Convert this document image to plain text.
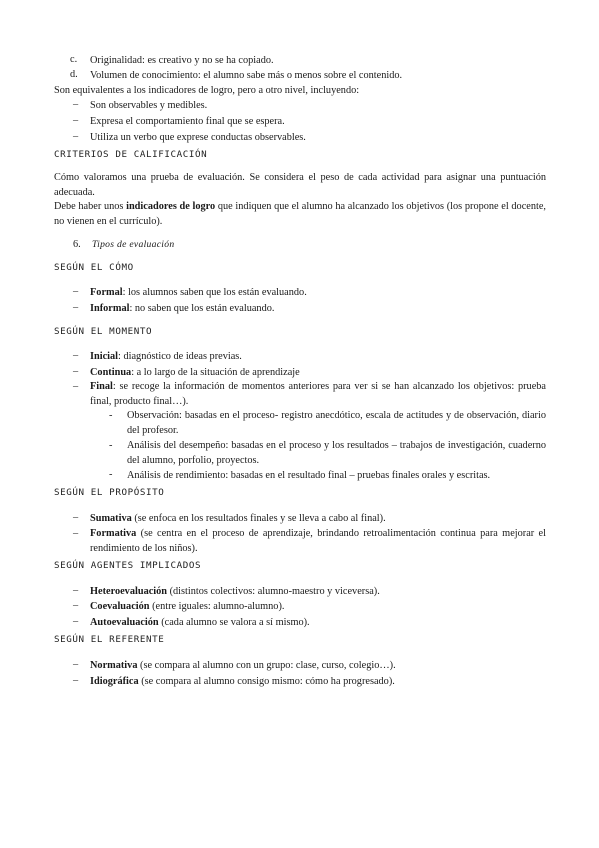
c.	Originalidad: es creativo y no se ha copiado.
d.	Volumen de conocimiento: el alumno sabe más o menos sobre el contenido.
Son equivalentes a los indicadores de logro, pero a otro nivel, incluyendo:
– Son observables y medibles.
– Expresa el comportamiento final que se espera.
– Utiliza un verbo que exprese conductas observables.
CRITERIOS DE CALIFICACIÓN
Cómo valoramos una prueba de evaluación. Se considera el peso de cada actividad para asignar una puntuación adecuada.
Debe haber unos indicadores de logro que indiquen que el alumno ha alcanzado los objetivos (los propone el docente, no vienen en el currículo).
6. Tipos de evaluación
SEGÚN EL CÓMO
– Formal: los alumnos saben que los están evaluando.
– Informal: no saben que los están evaluando.
SEGÚN EL MOMENTO
– Inicial: diagnóstico de ideas previas.
– Continua: a lo largo de la situación de aprendizaje
– Final: se recoge la información de momentos anteriores para ver si se han alcanzado los objetivos: prueba final, producto final…).
- Observación: basadas en el proceso- registro anecdótico, escala de actitudes y de observación, diario del profesor.
- Análisis del desempeño: basadas en el proceso y los resultados – trabajos de investigación, cuaderno del alumno, porfolio, proyectos.
- Análisis de rendimiento: basadas en el resultado final – pruebas finales orales y escritas.
SEGÚN EL PROPÓSITO
– Sumativa (se enfoca en los resultados finales y se lleva a cabo al final).
– Formativa (se centra en el proceso de aprendizaje, brindando retroalimentación continua para mejorar el rendimiento de los niños).
SEGÚN AGENTES IMPLICADOS
– Heteroevaluación (distintos colectivos: alumno-maestro y viceversa).
– Coevaluación (entre iguales: alumno-alumno).
– Autoevaluación (cada alumno se valora a sí mismo).
SEGÚN EL REFERENTE
– Normativa (se compara al alumno con un grupo: clase, curso, colegio…).
– Idiográfica (se compara al alumno consigo mismo: cómo ha progresado).
